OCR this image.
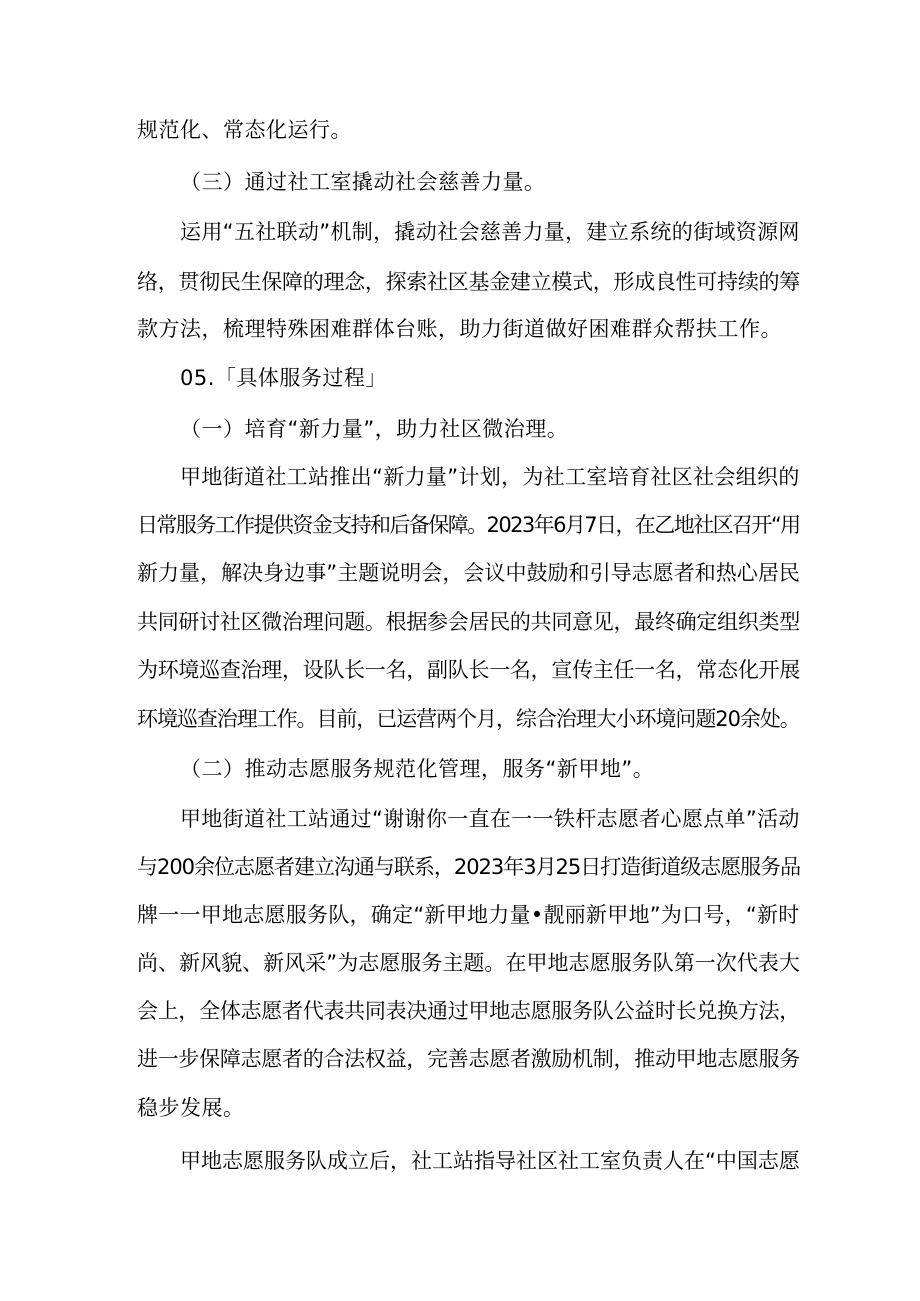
规范化、常态化运行。

（三）通过社工室撬动社会慈善力量。

运用“五社联动”机制，撬动社会慈善力量，建立系统的街域资源网

络，贯彻民生保障的理念，探索社区基金建立模式，形成良性可持续的筹

款方法，梳理特殊困难群体台账，助力街道做好困难群众帮扶工作。

05.「具体服务过程」

（一）培育“新力量”，助力社区微治理。

甲地街道社工站推出“新力量”计划，为社工室培育社区社会组织的

日常服务工作提供资金支持和后备保障。2023年6月7日，在乙地社区召开“用

新力量，解决身边事”主题说明会，会议中鼓励和引导志愿者和热心居民

共同研讨社区微治理问题。根据参会居民的共同意见，最终确定组织类型

为环境巡查治理，设队长一名，副队长一名，宣传主任一名，常态化开展

环境巡查治理工作。目前，已运营两个月，综合治理大小环境问题20余处。

（二）推动志愿服务规范化管理，服务“新甲地”。

甲地街道社工站通过“谢谢你一直在一一铁杆志愿者心愿点单”活动

与200余位志愿者建立沟通与联系，2023年3月25日打造街道级志愿服务品

牌一一甲地志愿服务队，确定“新甲地力量•靓丽新甲地”为口号，“新时

尚、新风貌、新风采”为志愿服务主题。在甲地志愿服务队第一次代表大

会上，全体志愿者代表共同表决通过甲地志愿服务队公益时长兑换方法，

进一步保障志愿者的合法权益，完善志愿者激励机制，推动甲地志愿服务

稳步发展。

甲地志愿服务队成立后，社工站指导社区社工室负责人在“中国志愿
